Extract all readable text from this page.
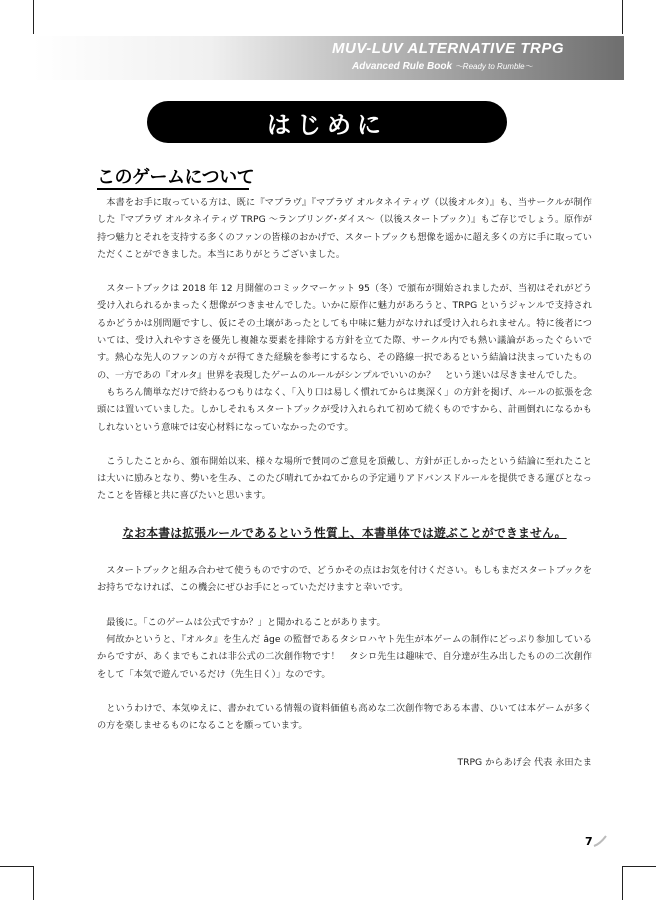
MUV-LUV ALTERNATIVE TRPG
Advanced Rule Book ～Ready to Rumble～
はじめに
このゲームについて

本書をお手に取っている方は、既に『マブラヴ』『マブラヴ オルタネイティヴ（以後オルタ）』も、当サークルが制作した『マブラヴ オルタネイティヴ TRPG 〜ランブリング･ダイス〜（以後スタートブック）』もご存じでしょう。原作が持つ魅力とそれを支持する多くのファンの皆様のおかげで、スタートブックも想像を遥かに超え多くの方に手に取っていただくことができました。本当にありがとうございました。

スタートブックは 2018 年 12 月開催のコミックマーケット 95（冬）で頒布が開始されましたが、当初はそれがどう受け入れられるかまったく想像がつきませんでした。いかに原作に魅力があろうと、TRPG というジャンルで支持されるかどうかは別問題ですし、仮にその土壌があったとしても中味に魅力がなければ受け入れられません。特に後者については、受け入れやすさを優先し複雑な要素を排除する方針を立てた際、サークル内でも熱い議論があったぐらいです。熱心な先人のファンの方々が得てきた経験を参考にするなら、その路線一択であるという結論は決まっていたものの、一方であの『オルタ』世界を表現したゲームのルールがシンプルでいいのか？　という迷いは尽きませんでした。

もちろん簡単なだけで終わるつもりはなく、「入り口は易しく慣れてからは奥深く」の方針を掲げ、ルールの拡張を念頭には置いていました。しかしそれもスタートブックが受け入れられて初めて続くものですから、計画倒れになるかもしれないという意味では安心材料になっていなかったのです。

こうしたことから、頒布開始以来、様々な場所で賛同のご意見を頂戴し、方針が正しかったという結論に至れたことは大いに励みとなり、勢いを生み、このたび晴れてかねてからの予定通りアドバンスドルールを提供できる運びとなったことを皆様と共に喜びたいと思います。

なお本書は拡張ルールであるという性質上、本書単体では遊ぶことができません。

スタートブックと組み合わせて使うものですので、どうかその点はお気を付けください。もしもまだスタートブックをお持ちでなければ、この機会にぜひお手にとっていただけますと幸いです。

最後に。「このゲームは公式ですか？」と聞かれることがあります。

何故かというと、『オルタ』を生んだ âge の監督であるタシロハヤト先生が本ゲームの制作にどっぷり参加しているからですが、あくまでもこれは非公式の二次創作物です！　タシロ先生は趣味で、自分達が生み出したものの二次創作をして「本気で遊んでいるだけ（先生日く）」なのです。

というわけで、本気ゆえに、書かれている情報の資料価値も高めな二次創作物である本書、ひいては本ゲームが多くの方を楽しませるものになることを願っています。

TRPG からあげ会 代表 永田たま

7
